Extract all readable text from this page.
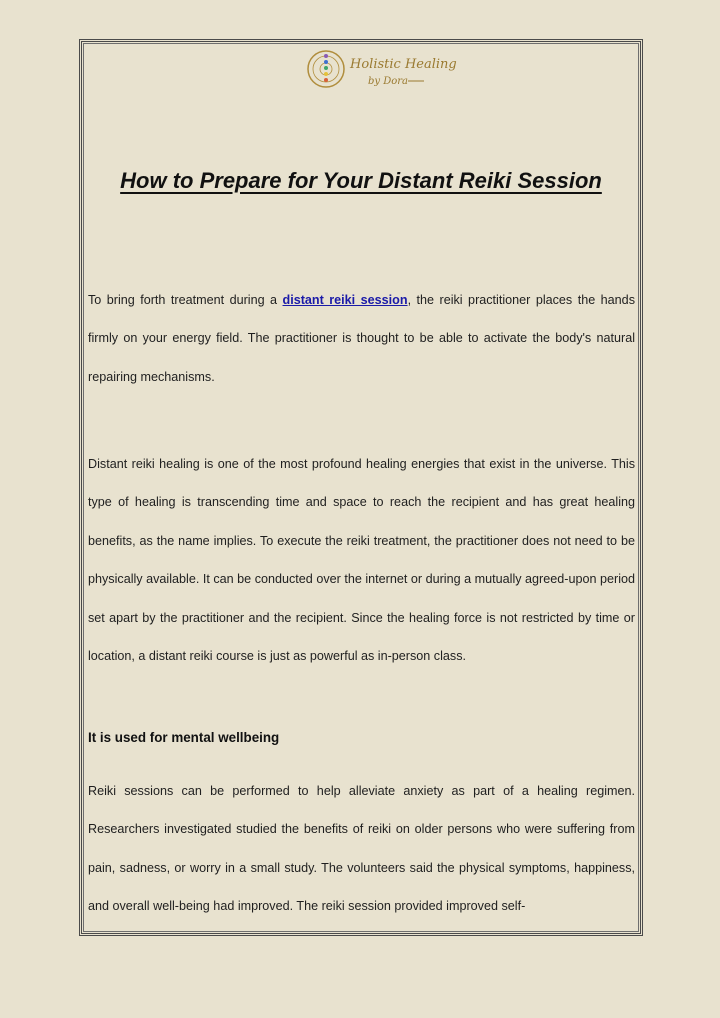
Holistic Healing
by Dora
How to Prepare for Your Distant Reiki Session

To bring forth treatment during a distant reiki session, the reiki practitioner places the hands firmly on your energy field. The practitioner is thought to be able to activate the body's natural repairing mechanisms.

Distant reiki healing is one of the most profound healing energies that exist in the universe. This type of healing is transcending time and space to reach the recipient and has great healing benefits, as the name implies. To execute the reiki treatment, the practitioner does not need to be physically available. It can be conducted over the internet or during a mutually agreed-upon period set apart by the practitioner and the recipient. Since the healing force is not restricted by time or location, a distant reiki course is just as powerful as in-person class.

It is used for mental wellbeing

Reiki sessions can be performed to help alleviate anxiety as part of a healing regimen. Researchers investigated studied the benefits of reiki on older persons who were suffering from pain, sadness, or worry in a small study. The volunteers said the physical symptoms, happiness, and overall well-being had improved. The reiki session provided improved self-
